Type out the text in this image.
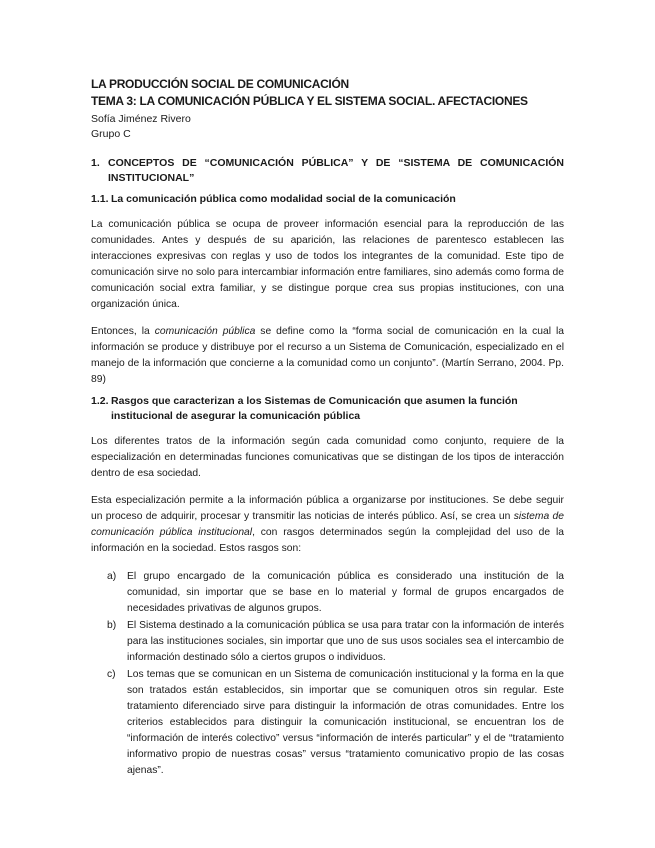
LA PRODUCCIÓN SOCIAL DE COMUNICACIÓN
TEMA 3: LA COMUNICACIÓN PÚBLICA Y EL SISTEMA SOCIAL. AFECTACIONES
Sofía Jiménez Rivero
Grupo C
1. CONCEPTOS DE “COMUNICACIÓN PÚBLICA” Y DE “SISTEMA DE COMUNICACIÓN INSTITUCIONAL”
1.1. La comunicación pública como modalidad social de la comunicación

La comunicación pública se ocupa de proveer información esencial para la reproducción de las comunidades. Antes y después de su aparición, las relaciones de parentesco establecen las interacciones expresivas con reglas y uso de todos los integrantes de la comunidad. Este tipo de comunicación sirve no solo para intercambiar información entre familiares, sino además como forma de comunicación social extra familiar, y se distingue porque crea sus propias instituciones, con una organización única.

Entonces, la comunicación pública se define como la “forma social de comunicación en la cual la información se produce y distribuye por el recurso a un Sistema de Comunicación, especializado en el manejo de la información que concierne a la comunidad como un conjunto”. (Martín Serrano, 2004. Pp. 89)

1.2. Rasgos que caracterizan a los Sistemas de Comunicación que asumen la función institucional de asegurar la comunicación pública

Los diferentes tratos de la información según cada comunidad como conjunto, requiere de la especialización en determinadas funciones comunicativas que se distingan de los tipos de interacción dentro de esa sociedad.

Esta especialización permite a la información pública a organizarse por instituciones. Se debe seguir un proceso de adquirir, procesar y transmitir las noticias de interés público. Así, se crea un sistema de comunicación pública institucional, con rasgos determinados según la complejidad del uso de la información en la sociedad. Estos rasgos son:

a)	El grupo encargado de la comunicación pública es considerado una institución de la comunidad, sin importar que se base en lo material y formal de grupos encargados de necesidades privativas de algunos grupos.
b)	El Sistema destinado a la comunicación pública se usa para tratar con la información de interés para las instituciones sociales, sin importar que uno de sus usos sociales sea el intercambio de información destinado sólo a ciertos grupos o individuos.
c)	Los temas que se comunican en un Sistema de comunicación institucional y la forma en la que son tratados están establecidos, sin importar que se comuniquen otros sin regular. Este tratamiento diferenciado sirve para distinguir la información de otras comunidades. Entre los criterios establecidos para distinguir la comunicación institucional, se encuentran los de “información de interés colectivo” versus “información de interés particular” y el de “tratamiento informativo propio de nuestras cosas” versus “tratamiento comunicativo propio de las cosas ajenas”.
